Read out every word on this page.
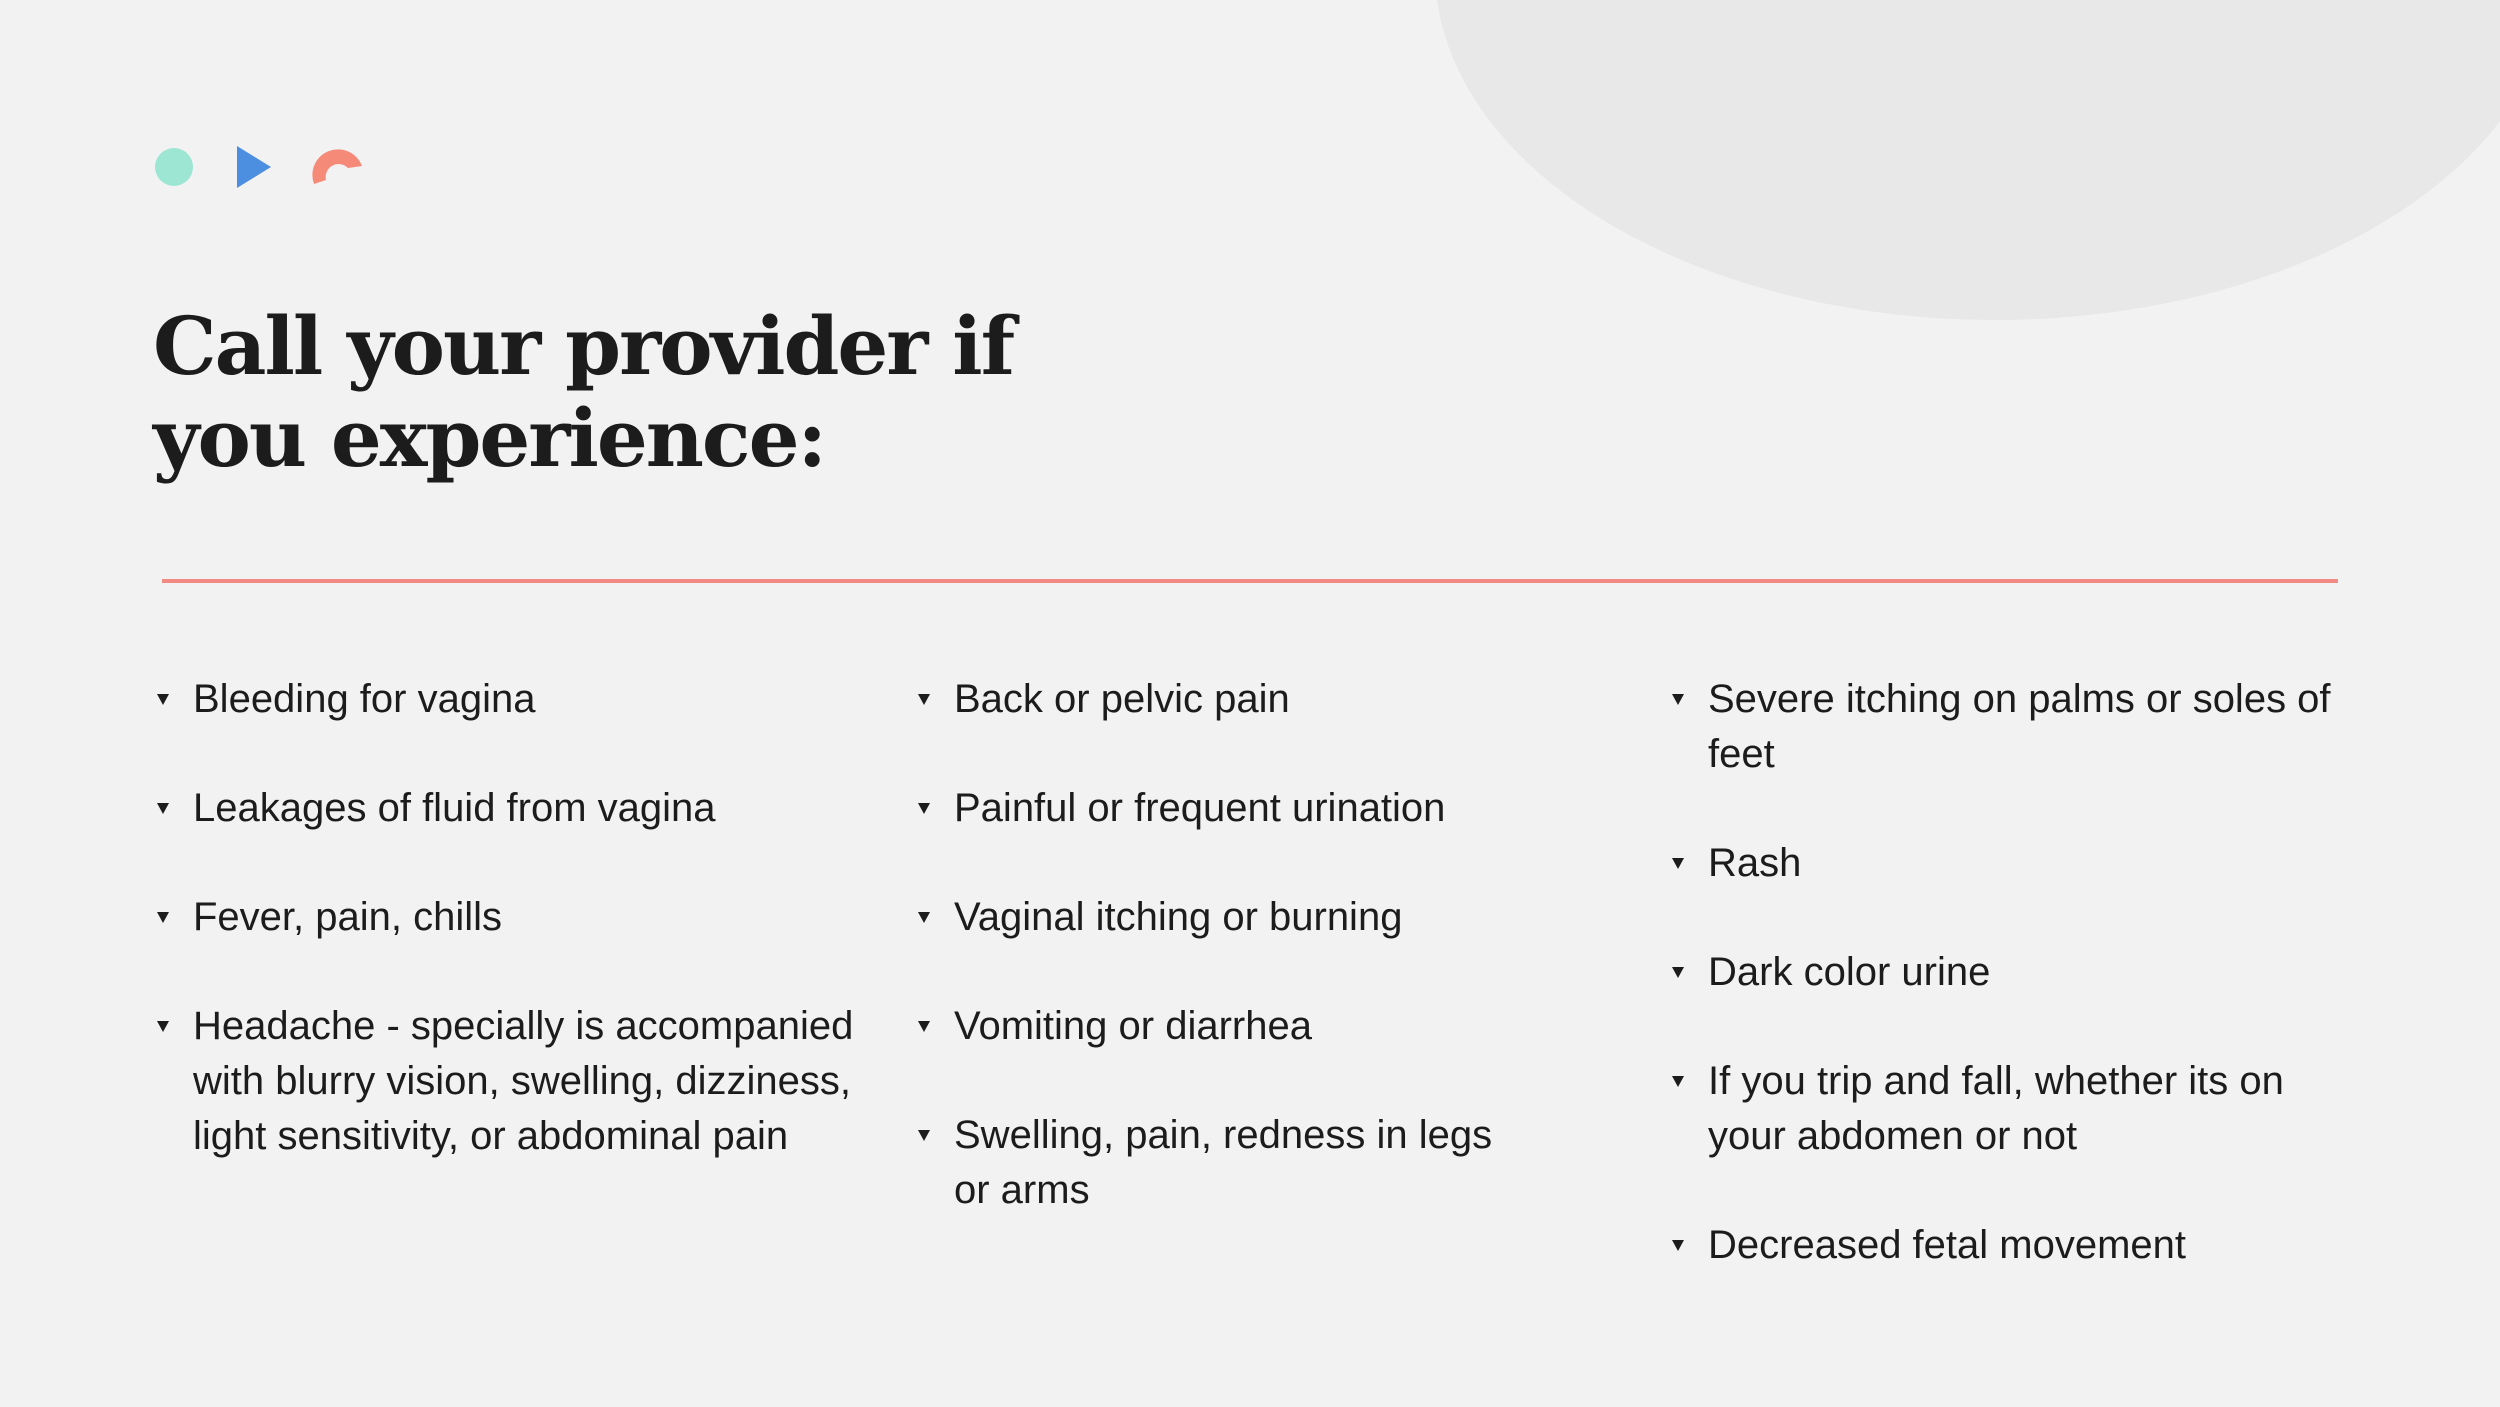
Call your provider if
you experience:
Bleeding for vagina
Leakages of fluid from vagina
Fever, pain, chills
Headache - specially is accompanied with blurry vision, swelling, dizziness, light sensitivity, or abdominal pain
Back or pelvic pain
Painful or frequent urination
Vaginal itching or burning
Vomiting or diarrhea
Swelling, pain, redness in legs or arms
Severe itching on palms or soles of feet
Rash
Dark color urine
If you trip and fall, whether its on your abdomen or not
Decreased fetal movement
